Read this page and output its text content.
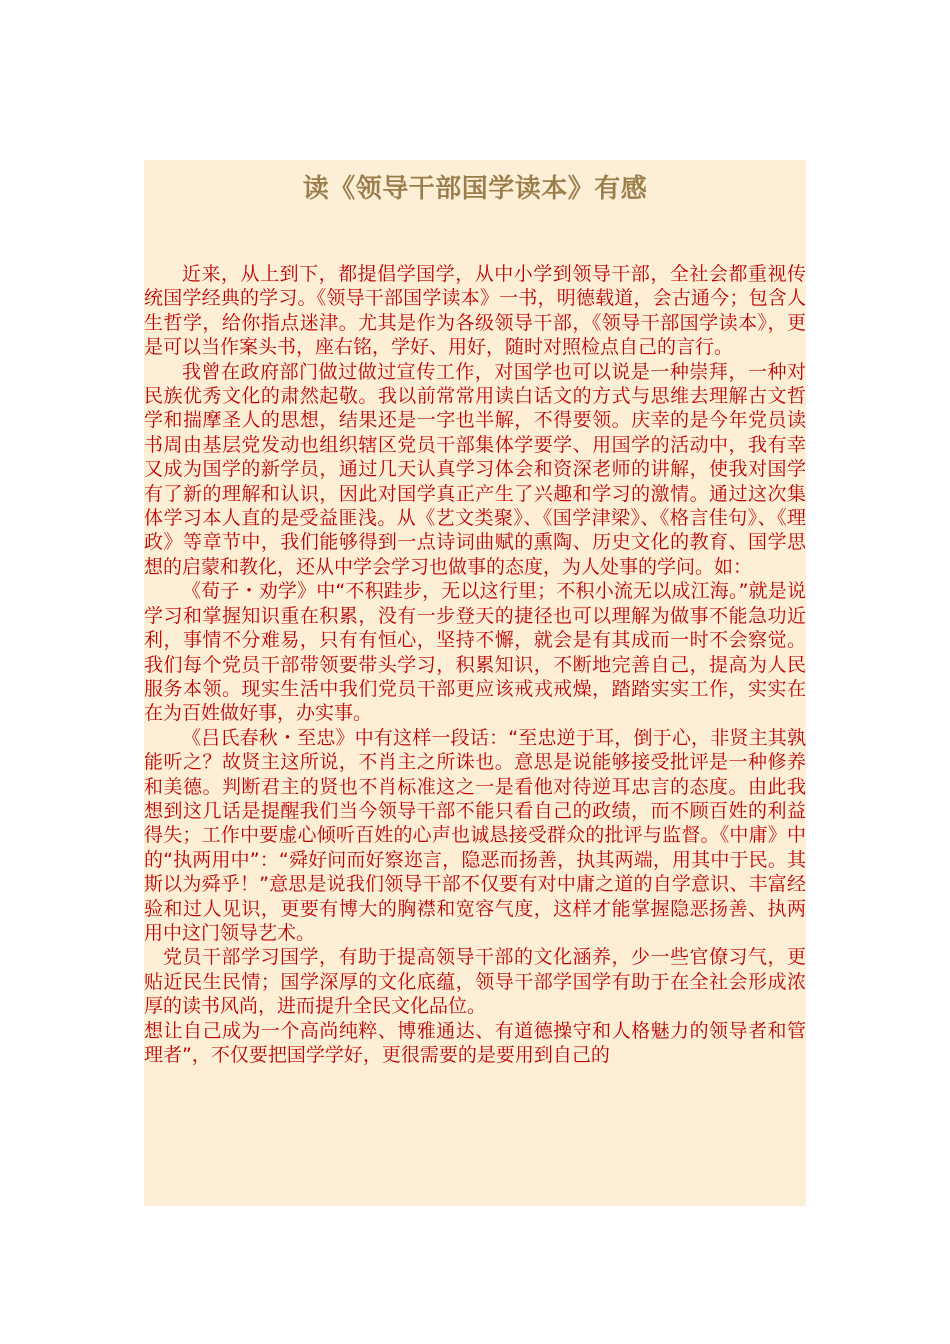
读《领导干部国学读本》有感

近来，从上到下，都提倡学国学，从中小学到领导干部，全社会都重视传统国学经典的学习。《领导干部国学读本》一书，明德载道，会古通今；包含人生哲学，给你指点迷津。尤其是作为各级领导干部，《领导干部国学读本》，更是可以当作案头书，座右铭，学好、用好，随时对照检点自己的言行。

我曾在政府部门做过做过宣传工作，对国学也可以说是一种崇拜，一种对民族优秀文化的肃然起敬。我以前常常用读白话文的方式与思维去理解古文哲学和揣摩圣人的思想，结果还是一字也半解，不得要领。庆幸的是今年党员读书周由基层党发动也组织辖区党员干部集体学要学、用国学的活动中，我有幸又成为国学的新学员，通过几天认真学习体会和资深老师的讲解，使我对国学有了新的理解和认识，因此对国学真正产生了兴趣和学习的激情。通过这次集体学习本人直的是受益匪浅。从《艺文类聚》、《国学津梁》、《格言佳句》、《理政》等章节中，我们能够得到一点诗词曲赋的熏陶、历史文化的教育、国学思想的启蒙和教化，还从中学会学习也做事的态度，为人处事的学问。如：

《荀子・劝学》中“不积跬步，无以这行里；不积小流无以成江海。”就是说学习和掌握知识重在积累，没有一步登天的捷径也可以理解为做事不能急功近利，事情不分难易，只有有恒心，坚持不懈，就会是有其成而一时不会察觉。我们每个党员干部带领要带头学习，积累知识，不断地完善自己，提高为人民服务本领。现实生活中我们党员干部更应该戒戎戒燥，踏踏实实工作，实实在在为百姓做好事，办实事。

《吕氏春秋・至忠》中有这样一段话：“至忠逆于耳，倒于心，非贤主其孰能听之？故贤主这所说，不肖主之所诛也。意思是说能够接受批评是一种修养和美德。判断君主的贤也不肖标准这之一是看他对待逆耳忠言的态度。由此我想到这几话是提醒我们当今领导干部不能只看自己的政绩，而不顾百姓的利益得失；工作中要虚心倾听百姓的心声也诚恳接受群众的批评与监督。《中庸》中的“执两用中”：“舜好问而好察迩言，隐恶而扬善，执其两端，用其中于民。其斯以为舜乎！”意思是说我们领导干部不仅要有对中庸之道的自学意识、丰富经验和过人见识，更要有博大的胸襟和宽容气度，这样才能掌握隐恶扬善、执两用中这门领导艺术。

党员干部学习国学，有助于提高领导干部的文化涵养，少一些官僚习气，更贴近民生民情；国学深厚的文化底蕴，领导干部学国学有助于在全社会形成浓厚的读书风尚，进而提升全民文化品位。

想让自己成为一个高尚纯粹、博雅通达、有道德操守和人格魅力的领导者和管理者”，不仅要把国学学好，更很需要的是要用到自己的
